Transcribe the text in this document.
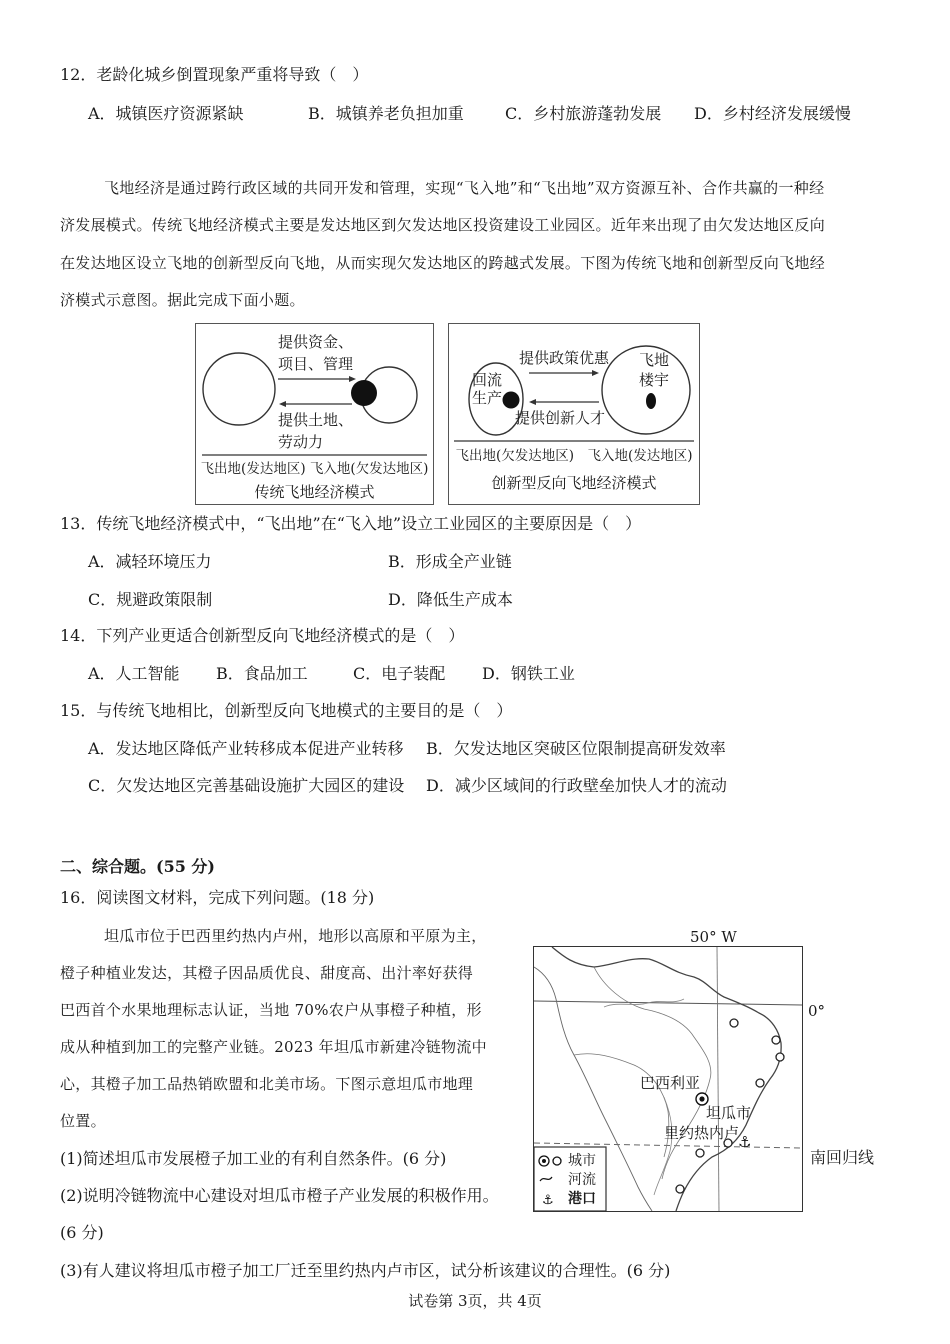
12．老龄化城乡倒置现象严重将导致（　）
A．城镇医疗资源紧缺	B．城镇养老负担加重	C．乡村旅游蓬勃发展 D．乡村经济发展缓慢
飞地经济是通过跨行政区域的共同开发和管理，实现“飞入地”和“飞出地”双方资源互补、合作共赢的一种经
济发展模式。传统飞地经济模式主要是发达地区到欠发达地区投资建设工业园区。近年来出现了由欠发达地区反向
在发达地区设立飞地的创新型反向飞地，从而实现欠发达地区的跨越式发展。下图为传统飞地和创新型反向飞地经
济模式示意图。据此完成下面小题。
提供资金、
项目、管理
提供土地、
劳动力
飞出地(发达地区) 飞入地(欠发达地区)
传统飞地经济模式
提供政策优惠
提供创新人才
回流
生产
飞地
楼宇
飞出地(欠发达地区)　飞入地(发达地区)
创新型反向飞地经济模式
13．传统飞地经济模式中，“飞出地”在“飞入地”设立工业园区的主要原因是（　）
A．减轻环境压力	B．形成全产业链
C．规避政策限制	D．降低生产成本
14．下列产业更适合创新型反向飞地经济模式的是（　）
A．人工智能 B．食品加工	C．电子装配 D．钢铁工业
15．与传统飞地相比，创新型反向飞地模式的主要目的是（　）
A．发达地区降低产业转移成本促进产业转移 B．欠发达地区突破区位限制提高研发效率
C．欠发达地区完善基础设施扩大园区的建设 D．减少区域间的行政壁垒加快人才的流动
二、综合题。(55 分)
16．阅读图文材料，完成下列问题。(18 分)
坦瓜市位于巴西里约热内卢州，地形以高原和平原为主，
橙子种植业发达，其橙子因品质优良、甜度高、出汁率好获得
巴西首个水果地理标志认证，当地 70%农户从事橙子种植，形
成从种植到加工的完整产业链。2023 年坦瓜市新建冷链物流中
心，其橙子加工品热销欧盟和北美市场。下图示意坦瓜市地理
位置。
(1)简述坦瓜市发展橙子加工业的有利自然条件。(6 分)
(2)说明冷链物流中心建设对坦瓜市橙子产业发展的积极作用。
(6 分)
(3)有人建议将坦瓜市橙子加工厂迁至里约热内卢市区，试分析该建议的合理性。(6 分)
50° W
0°
南回归线
⚓
⚓
巴西利亚
坦瓜市
里约热内卢
城市
河流
港口
试卷第 3页，共 4页
